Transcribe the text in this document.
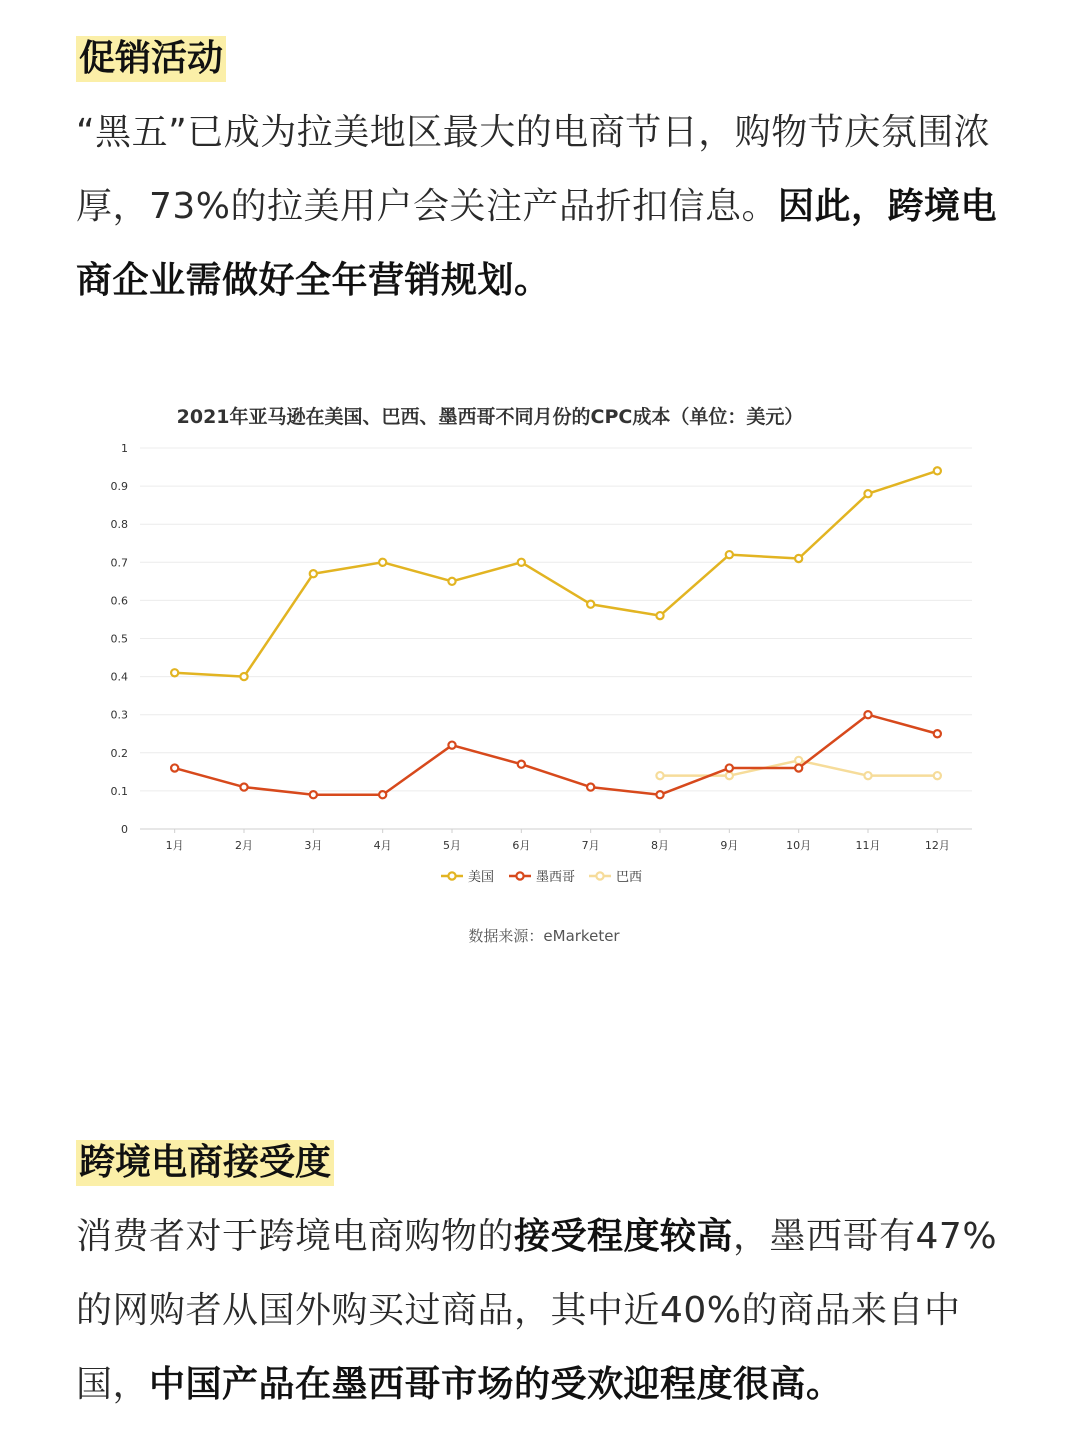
促销活动

“黑五”已成为拉美地区最大的电商节日，购物节庆氛围浓厚，73%的拉美用户会关注产品折扣信息。因此，跨境电商企业需做好全年营销规划。

2021年亚马逊在美国、巴西、墨西哥不同月份的CPC成本（单位：美元）
0
0.1
0.2
0.3
0.4
0.5
0.6
0.7
0.8
0.9
1
1月	2月	3月	4月	5月	6月	7月	8月	9月	10月	11月	12月
美国	墨西哥	巴西
数据来源：eMarketer
跨境电商接受度

消费者对于跨境电商购物的接受程度较高，墨西哥有47%的网购者从国外购买过商品，其中近40%的商品来自中国，中国产品在墨西哥市场的受欢迎程度很高。
